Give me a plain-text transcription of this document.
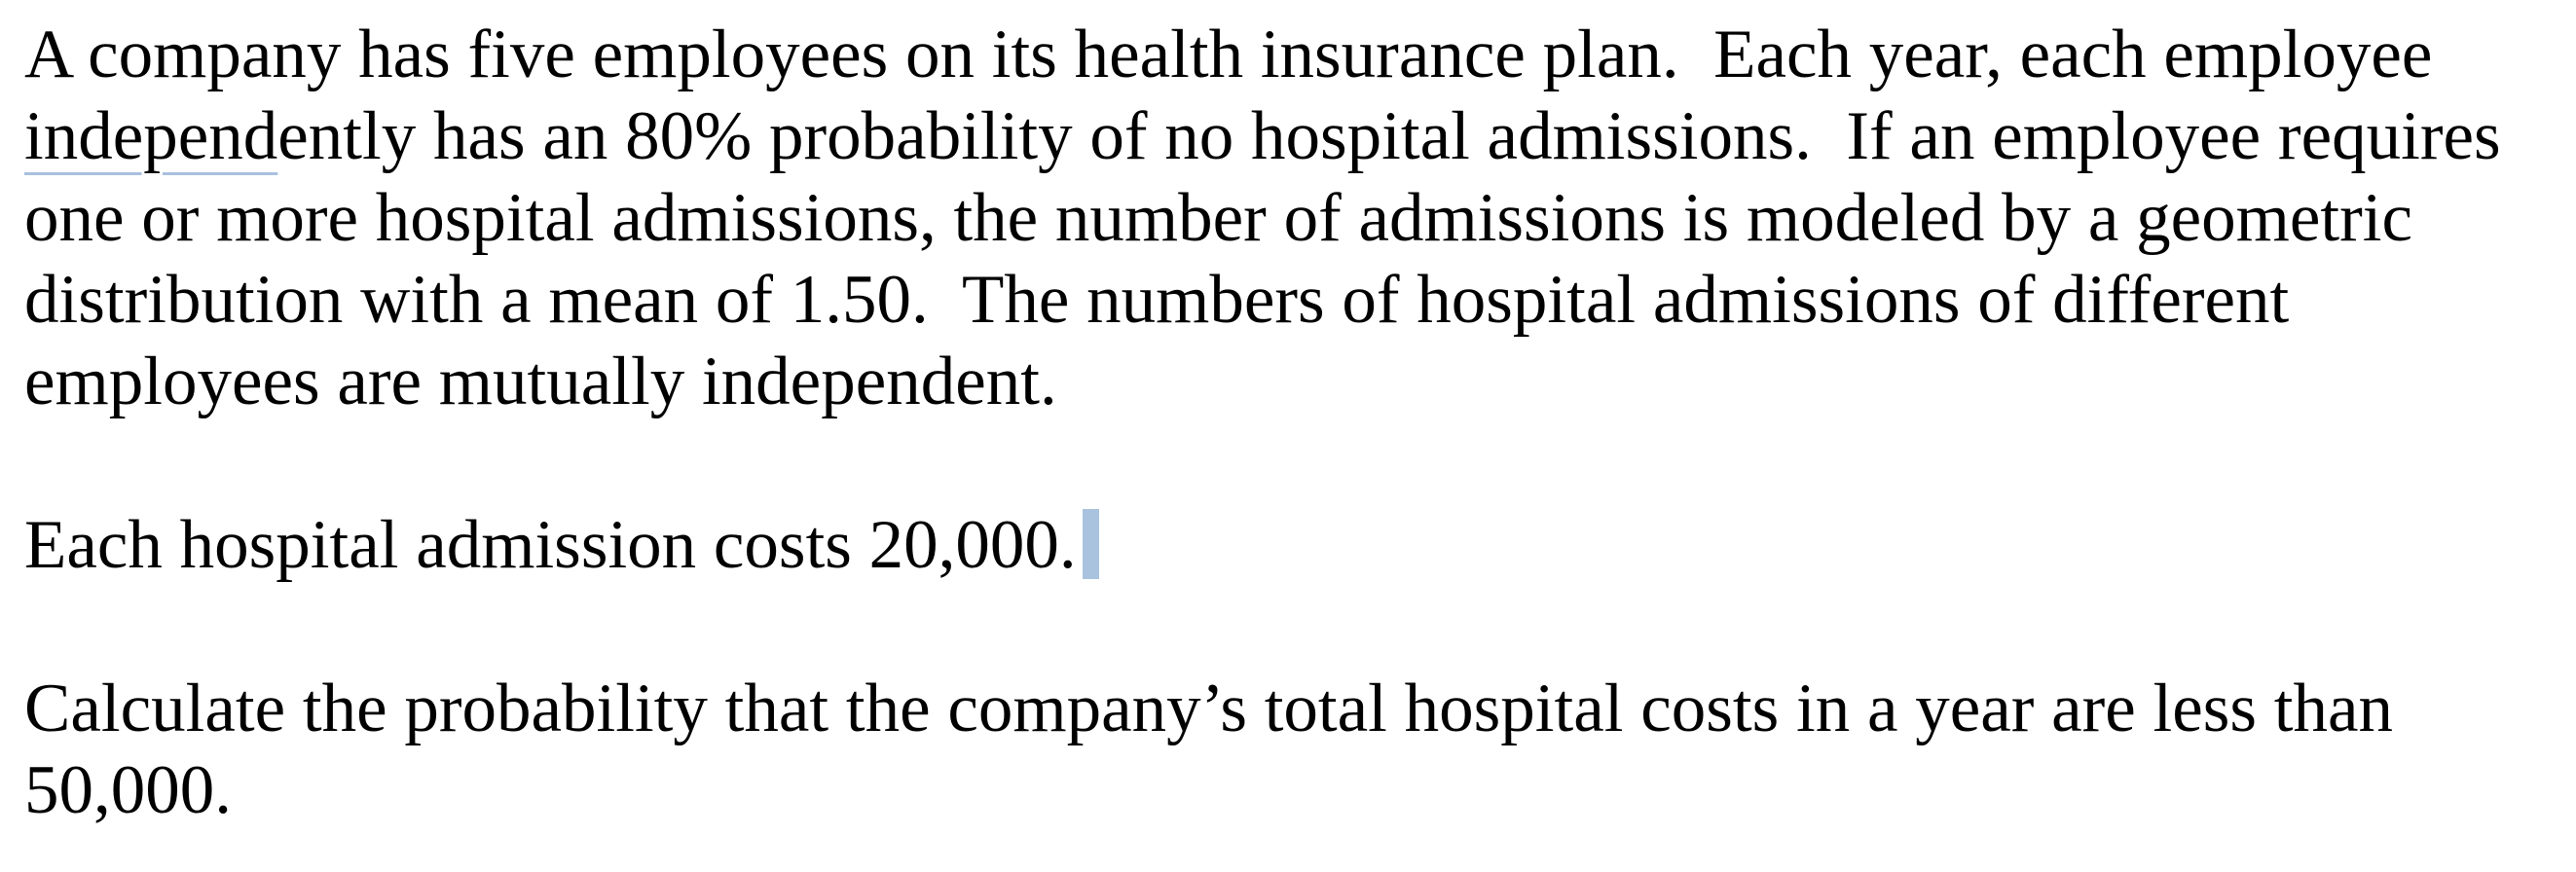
A company has five employees on its health insurance plan.  Each year, each employee
independently has an 80% probability of no hospital admissions.  If an employee requires
one or more hospital admissions, the number of admissions is modeled by a geometric
distribution with a mean of 1.50.  The numbers of hospital admissions of different
employees are mutually independent.
Each hospital admission costs 20,000.
Calculate the probability that the company’s total hospital costs in a year are less than
50,000.
